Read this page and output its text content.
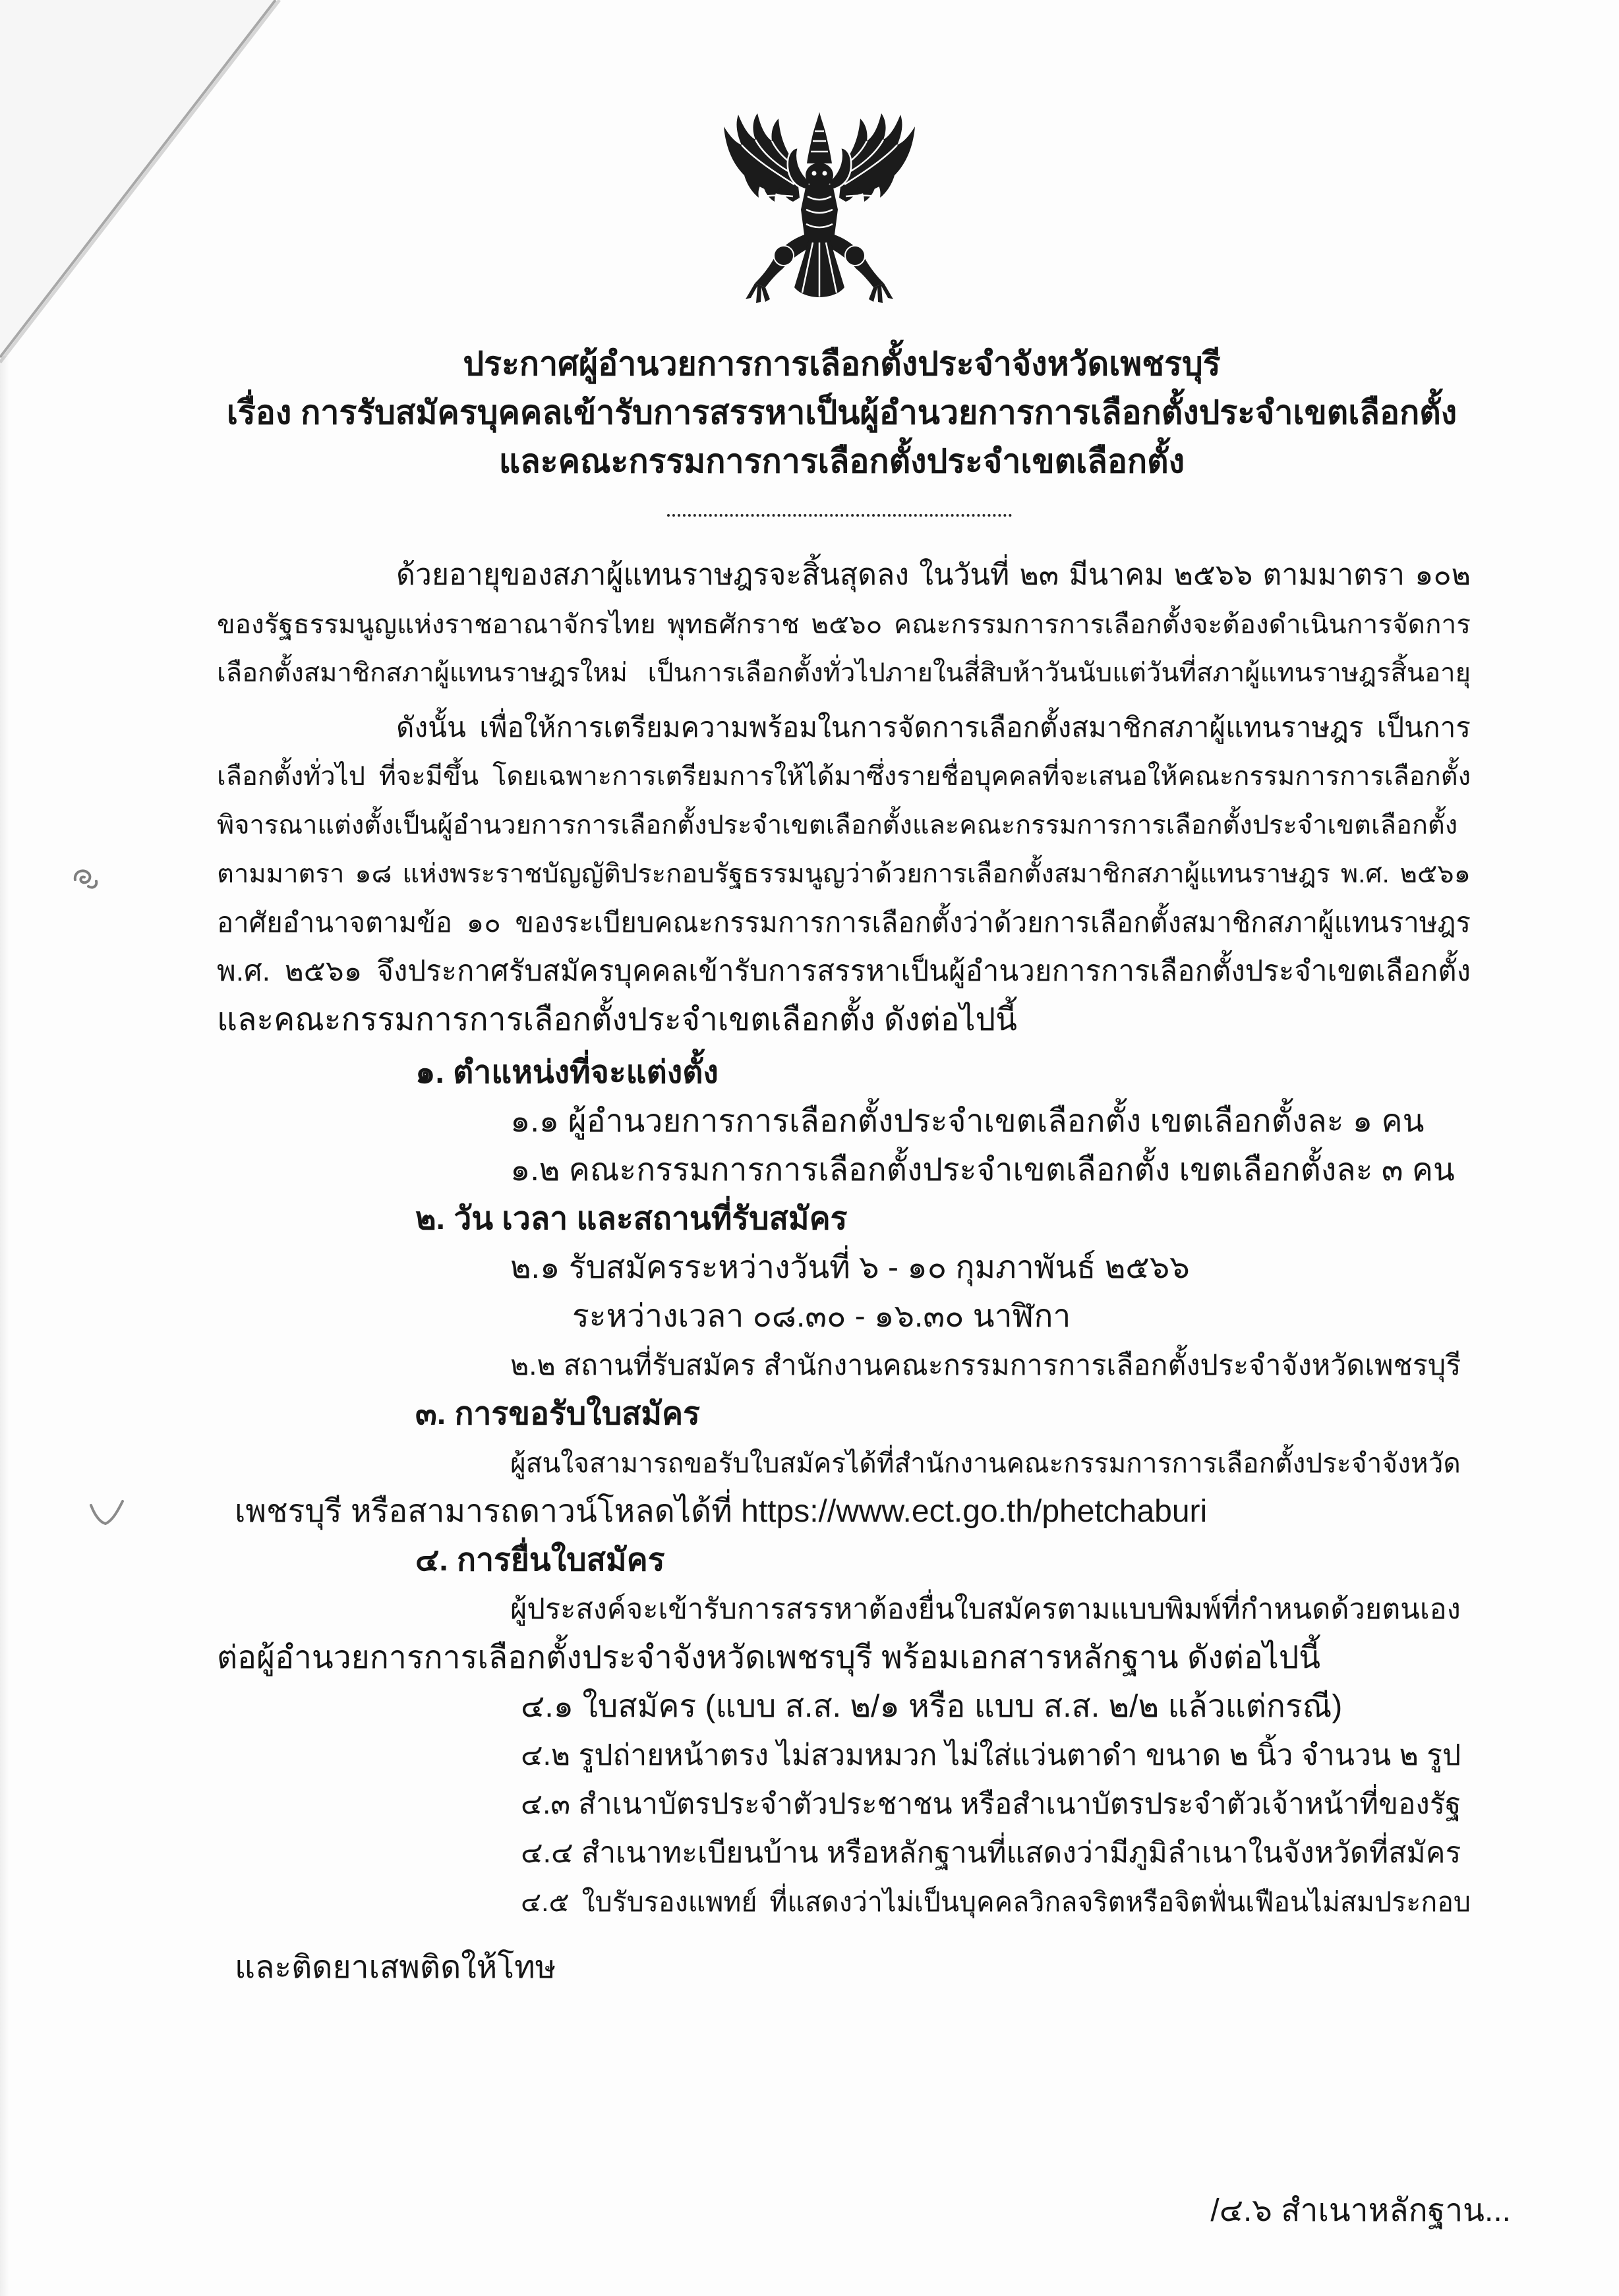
ประกาศผู้อำนวยการการเลือกตั้งประจำจังหวัดเพชรบุรี
เรื่อง การรับสมัครบุคคลเข้ารับการสรรหาเป็นผู้อำนวยการการเลือกตั้งประจำเขตเลือกตั้ง
และคณะกรรมการการเลือกตั้งประจำเขตเลือกตั้ง
ด้วยอายุของสภาผู้แทนราษฎรจะสิ้นสุดลง ในวันที่ ๒๓ มีนาคม ๒๕๖๖ ตามมาตรา ๑๐๒
ของรัฐธรรมนูญแห่งราชอาณาจักรไทย พุทธศักราช ๒๕๖๐ คณะกรรมการการเลือกตั้งจะต้องดำเนินการจัดการ
เลือกตั้งสมาชิกสภาผู้แทนราษฎรใหม่ เป็นการเลือกตั้งทั่วไปภายในสี่สิบห้าวันนับแต่วันที่สภาผู้แทนราษฎรสิ้นอายุ
ดังนั้น เพื่อให้การเตรียมความพร้อมในการจัดการเลือกตั้งสมาชิกสภาผู้แทนราษฎร เป็นการ
เลือกตั้งทั่วไป ที่จะมีขึ้น โดยเฉพาะการเตรียมการให้ได้มาซึ่งรายชื่อบุคคลที่จะเสนอให้คณะกรรมการการเลือกตั้ง
พิจารณาแต่งตั้งเป็นผู้อำนวยการการเลือกตั้งประจำเขตเลือกตั้งและคณะกรรมการการเลือกตั้งประจำเขตเลือกตั้ง
ตามมาตรา ๑๘ แห่งพระราชบัญญัติประกอบรัฐธรรมนูญว่าด้วยการเลือกตั้งสมาชิกสภาผู้แทนราษฎร พ.ศ. ๒๕๖๑
อาศัยอำนาจตามข้อ ๑๐ ของระเบียบคณะกรรมการการเลือกตั้งว่าด้วยการเลือกตั้งสมาชิกสภาผู้แทนราษฎร
พ.ศ. ๒๕๖๑ จึงประกาศรับสมัครบุคคลเข้ารับการสรรหาเป็นผู้อำนวยการการเลือกตั้งประจำเขตเลือกตั้ง
และคณะกรรมการการเลือกตั้งประจำเขตเลือกตั้ง ดังต่อไปนี้
๑. ตำแหน่งที่จะแต่งตั้ง
๑.๑ ผู้อำนวยการการเลือกตั้งประจำเขตเลือกตั้ง เขตเลือกตั้งละ ๑ คน
๑.๒ คณะกรรมการการเลือกตั้งประจำเขตเลือกตั้ง เขตเลือกตั้งละ ๓ คน
๒. วัน เวลา และสถานที่รับสมัคร
๒.๑ รับสมัครระหว่างวันที่ ๖ - ๑๐ กุมภาพันธ์ ๒๕๖๖
ระหว่างเวลา ๐๘.๓๐ - ๑๖.๓๐ นาฬิกา
๒.๒ สถานที่รับสมัคร สำนักงานคณะกรรมการการเลือกตั้งประจำจังหวัดเพชรบุรี
๓. การขอรับใบสมัคร
ผู้สนใจสามารถขอรับใบสมัครได้ที่สำนักงานคณะกรรมการการเลือกตั้งประจำจังหวัด
เพชรบุรี หรือสามารถดาวน์โหลดได้ที่ https://www.ect.go.th/phetchaburi
๔. การยื่นใบสมัคร
ผู้ประสงค์จะเข้ารับการสรรหาต้องยื่นใบสมัครตามแบบพิมพ์ที่กำหนดด้วยตนเอง
ต่อผู้อำนวยการการเลือกตั้งประจำจังหวัดเพชรบุรี พร้อมเอกสารหลักฐาน ดังต่อไปนี้
๔.๑ ใบสมัคร (แบบ ส.ส. ๒/๑ หรือ แบบ ส.ส. ๒/๒ แล้วแต่กรณี)
๔.๒ รูปถ่ายหน้าตรง ไม่สวมหมวก ไม่ใส่แว่นตาดำ ขนาด ๒ นิ้ว จำนวน ๒ รูป
๔.๓ สำเนาบัตรประจำตัวประชาชน หรือสำเนาบัตรประจำตัวเจ้าหน้าที่ของรัฐ
๔.๔ สำเนาทะเบียนบ้าน หรือหลักฐานที่แสดงว่ามีภูมิลำเนาในจังหวัดที่สมัคร
๔.๕ ใบรับรองแพทย์ ที่แสดงว่าไม่เป็นบุคคลวิกลจริตหรือจิตฟั่นเฟือนไม่สมประกอบ
และติดยาเสพติดให้โทษ
/๔.๖ สำเนาหลักฐาน...
